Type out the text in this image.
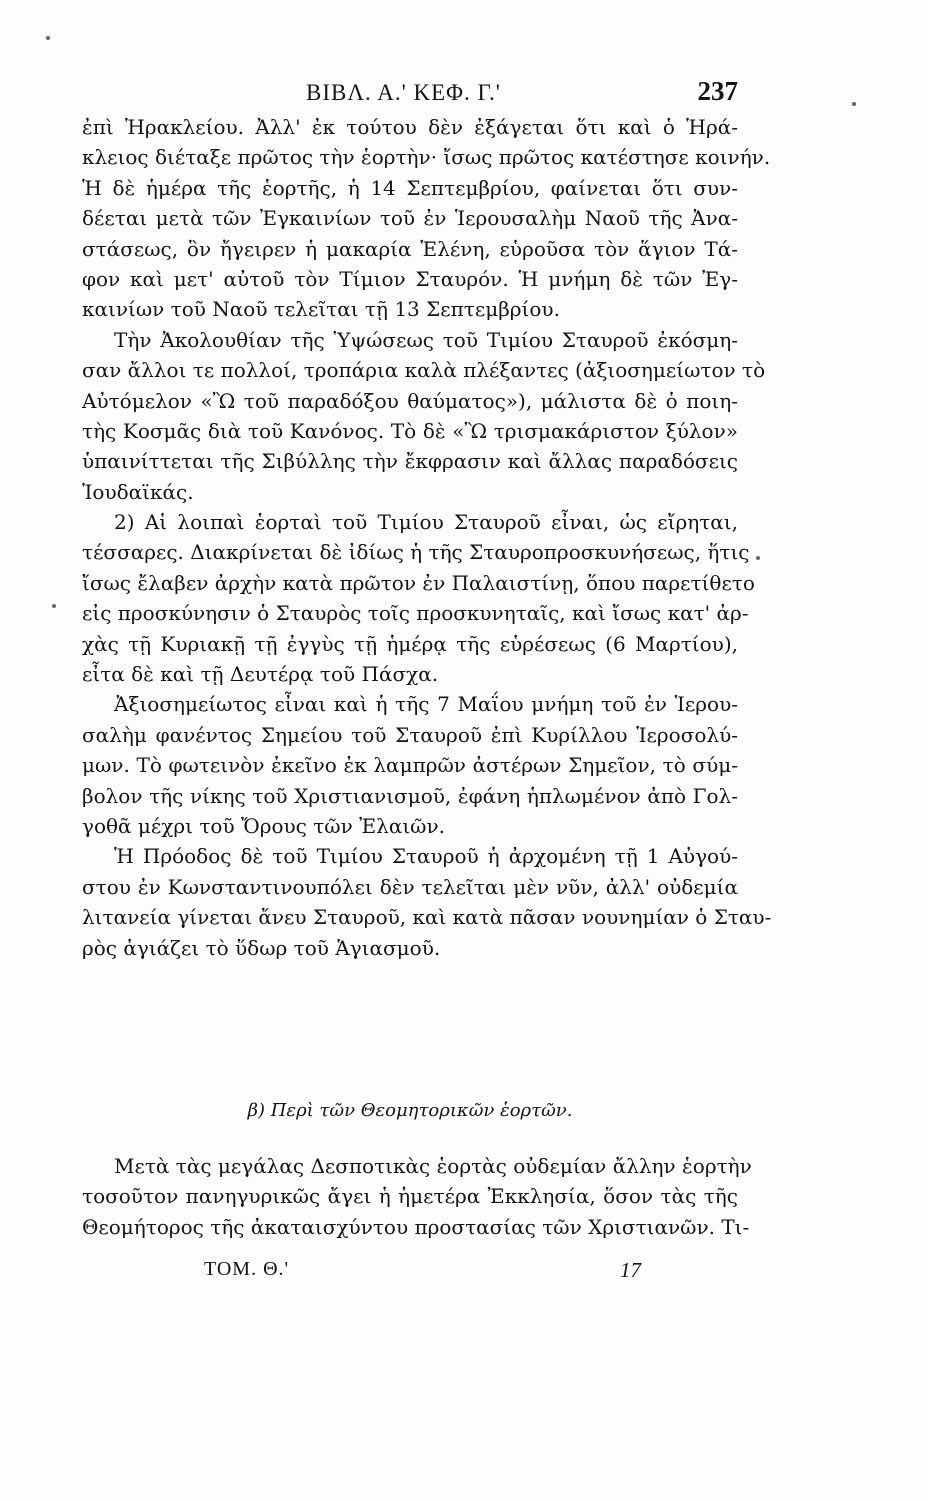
ΒΙΒΛ. Α.' ΚΕΦ. Γ.'	237
ἐπὶ Ἡρακλείου. Ἀλλ' ἐκ τούτου δὲν ἐξάγεται ὅτι καὶ ὁ Ἡρά-
κλειος διέταξε πρῶτος τὴν ἑορτὴν· ἴσως πρῶτος κατέστησε κοινήν.
Ἡ δὲ ἡμέρα τῆς ἑορτῆς, ἡ 14 Σεπτεμβρίου, φαίνεται ὅτι συν-
δέεται μετὰ τῶν Ἐγκαινίων τοῦ ἐν Ἱερουσαλὴμ Ναοῦ τῆς Ἀνα-
στάσεως, ὃν ἤγειρεν ἡ μακαρία Ἑλένη, εὑροῦσα τὸν ἅγιον Τά-
φον καὶ μετ' αὐτοῦ τὸν Τίμιον Σταυρόν. Ἡ μνήμη δὲ τῶν Ἐγ-
καινίων τοῦ Ναοῦ τελεῖται τῇ 13 Σεπτεμβρίου.
Τὴν Ἀκολουθίαν τῆς Ὑψώσεως τοῦ Τιμίου Σταυροῦ ἐκόσμη-
σαν ἄλλοι τε πολλοί, τροπάρια καλὰ πλέξαντες (ἀξιοσημείωτον τὸ
Αὐτόμελον «Ὢ τοῦ παραδόξου θαύματος»), μάλιστα δὲ ὁ ποιη-
τὴς Κοσμᾶς διὰ τοῦ Κανόνος. Τὸ δὲ «Ὢ τρισμακάριστον ξύλον»
ὑπαινίττεται τῆς Σιβύλλης τὴν ἔκφρασιν καὶ ἄλλας παραδόσεις
Ἰουδαϊκάς.
2) Αἱ λοιπαὶ ἑορταὶ τοῦ Τιμίου Σταυροῦ εἶναι, ὡς εἴρηται,
τέσσαρες. Διακρίνεται δὲ ἰδίως ἡ τῆς Σταυροπροσκυνήσεως, ἥτις
ἴσως ἔλαβεν ἀρχὴν κατὰ πρῶτον ἐν Παλαιστίνῃ, ὅπου παρετίθετο
εἰς προσκύνησιν ὁ Σταυρὸς τοῖς προσκυνηταῖς, καὶ ἴσως κατ' ἀρ-
χὰς τῇ Κυριακῇ τῇ ἐγγὺς τῇ ἡμέρᾳ τῆς εὑρέσεως (6 Μαρτίου),
εἶτα δὲ καὶ τῇ Δευτέρᾳ τοῦ Πάσχα.
Ἀξιοσημείωτος εἶναι καὶ ἡ τῆς 7 Μαΐου μνήμη τοῦ ἐν Ἱερου-
σαλὴμ φανέντος Σημείου τοῦ Σταυροῦ ἐπὶ Κυρίλλου Ἱεροσολύ-
μων. Τὸ φωτεινὸν ἐκεῖνο ἐκ λαμπρῶν ἀστέρων Σημεῖον, τὸ σύμ-
βολον τῆς νίκης τοῦ Χριστιανισμοῦ, ἐφάνη ἡπλωμένον ἀπὸ Γολ-
γοθᾶ μέχρι τοῦ Ὄρους τῶν Ἐλαιῶν.
Ἡ Πρόοδος δὲ τοῦ Τιμίου Σταυροῦ ἡ ἀρχομένη τῇ 1 Αὐγού-
στου ἐν Κωνσταντινουπόλει δὲν τελεῖται μὲν νῦν, ἀλλ' οὐδεμία
λιτανεία γίνεται ἄνευ Σταυροῦ, καὶ κατὰ πᾶσαν νουνημίαν ὁ Σταυ-
ρὸς ἁγιάζει τὸ ὕδωρ τοῦ Ἁγιασμοῦ.
β) Περὶ τῶν Θεομητορικῶν ἑορτῶν.
Μετὰ τὰς μεγάλας Δεσποτικὰς ἑορτὰς οὐδεμίαν ἄλλην ἑορτὴν
τοσοῦτον πανηγυρικῶς ἄγει ἡ ἡμετέρα Ἐκκλησία, ὅσον τὰς τῆς
Θεομήτορος τῆς ἀκαταισχύντου προστασίας τῶν Χριστιανῶν. Τι-
ΤΟΜ. Θ.'	17
